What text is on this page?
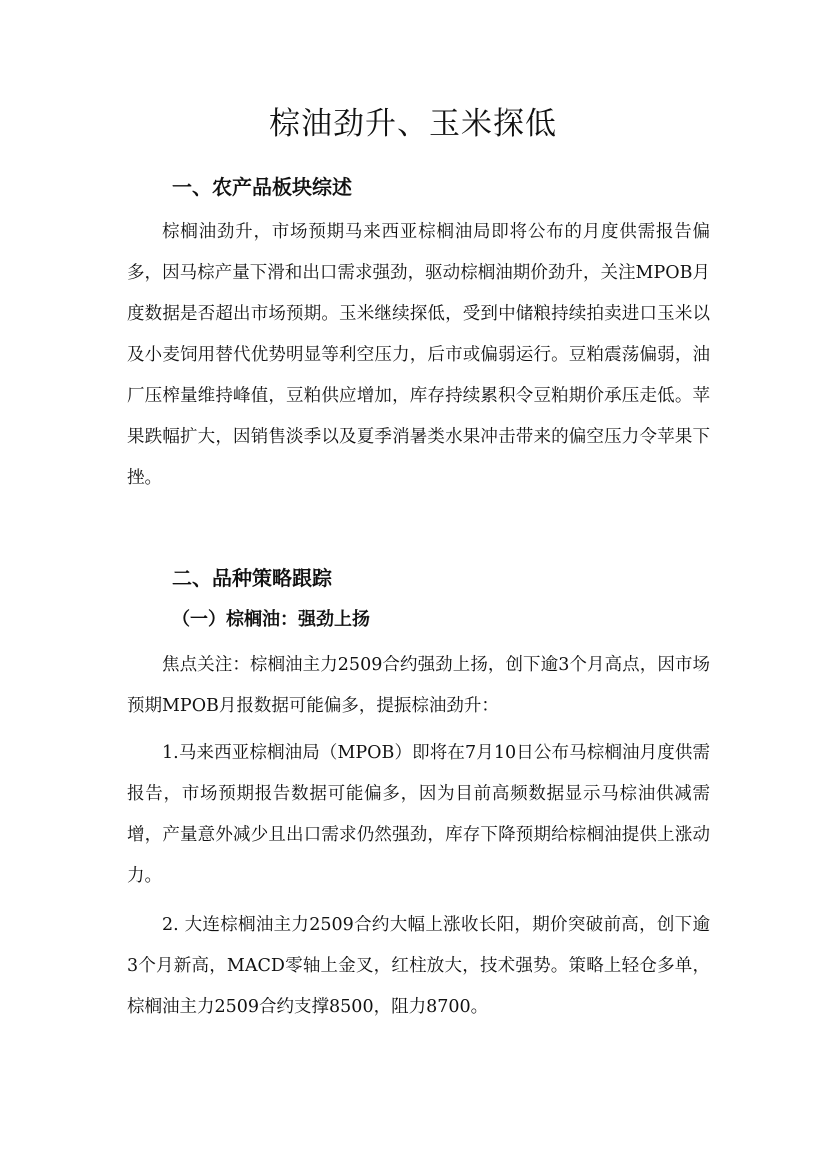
棕油劲升、玉米探低
一、农产品板块综述

棕榈油劲升，市场预期马来西亚棕榈油局即将公布的月度供需报告偏多，因马棕产量下滑和出口需求强劲，驱动棕榈油期价劲升，关注MPOB月度数据是否超出市场预期。玉米继续探低，受到中储粮持续拍卖进口玉米以及小麦饲用替代优势明显等利空压力，后市或偏弱运行。豆粕震荡偏弱，油厂压榨量维持峰值，豆粕供应增加，库存持续累积令豆粕期价承压走低。苹果跌幅扩大，因销售淡季以及夏季消暑类水果冲击带来的偏空压力令苹果下挫。

二、品种策略跟踪
（一）棕榈油：强劲上扬

焦点关注：棕榈油主力2509合约强劲上扬，创下逾3个月高点，因市场预期MPOB月报数据可能偏多，提振棕油劲升：

1.马来西亚棕榈油局（MPOB）即将在7月10日公布马棕榈油月度供需报告，市场预期报告数据可能偏多，因为目前高频数据显示马棕油供减需增，产量意外减少且出口需求仍然强劲，库存下降预期给棕榈油提供上涨动力。

2. 大连棕榈油主力2509合约大幅上涨收长阳，期价突破前高，创下逾3个月新高，MACD零轴上金叉，红柱放大，技术强势。策略上轻仓多单，棕榈油主力2509合约支撑8500，阻力8700。
